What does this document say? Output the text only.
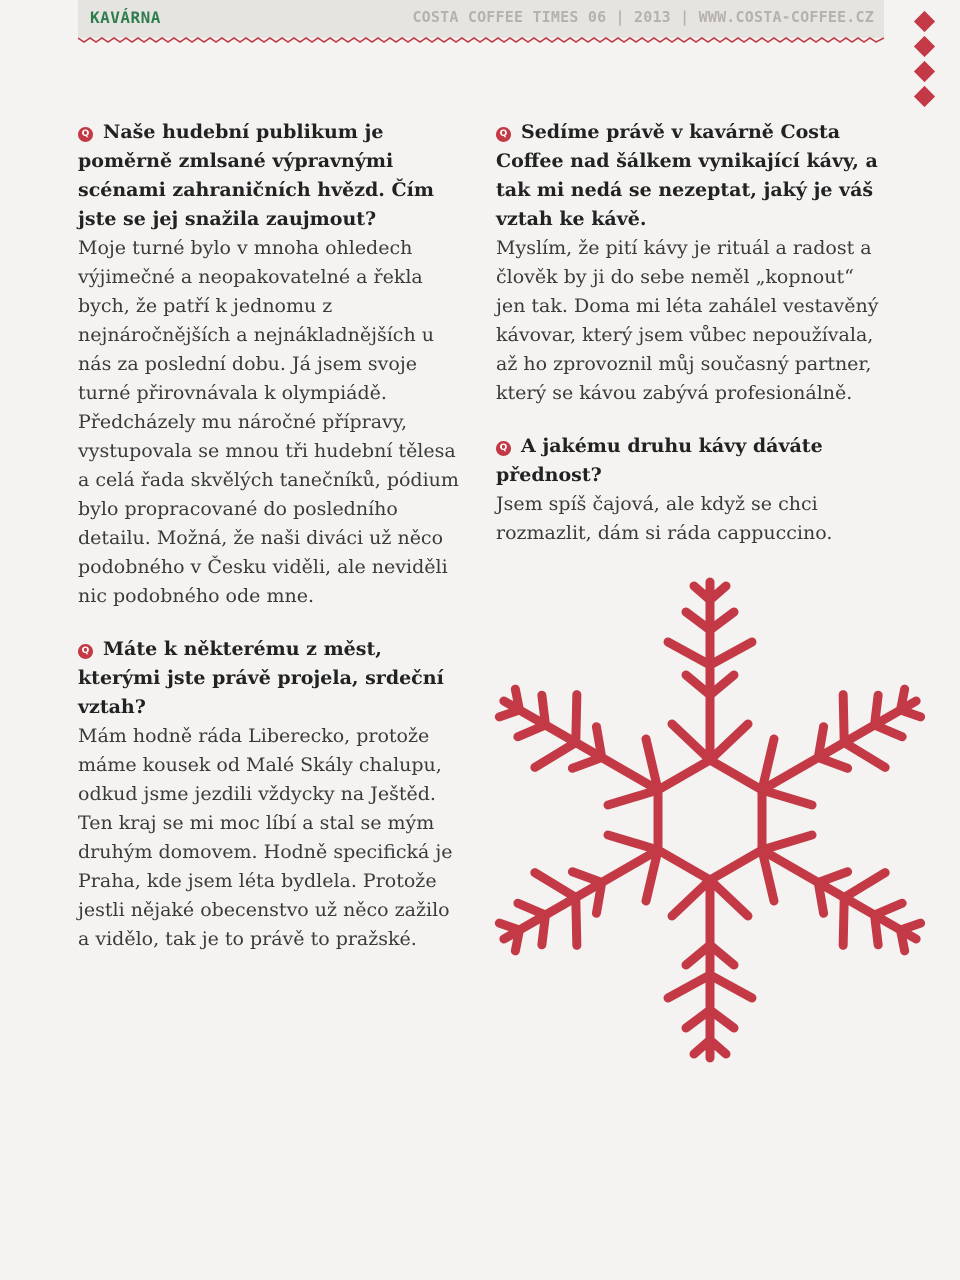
KAVÁRNA	COSTA COFFEE TIMES 06 | 2013 | WWW.COSTA-COFFEE.CZ

Q Naše hudební publikum je poměrně zmlsané výpravnými scénami zahraničních hvězd. Čím jste se jej snažila zaujmout?

Moje turné bylo v mnoha ohledech výjimečné a neopakovatelné a řekla bych, že patří k jednomu z nejnáročnějších a nejnákladnějších u nás za poslední dobu. Já jsem svoje turné přirovnávala k olympiádě. Předcházely mu náročné přípravy, vystupovala se mnou tři hudební tělesa a celá řada skvělých tanečníků, pódium bylo propracované do posledního detailu. Možná, že naši diváci už něco podobného v Česku viděli, ale neviděli nic podobného ode mne.

Q Máte k některému z měst, kterými jste právě projela, srdeční vztah?

Mám hodně ráda Liberecko, protože máme kousek od Malé Skály chalupu, odkud jsme jezdili vždycky na Ještěd. Ten kraj se mi moc líbí a stal se mým druhým domovem. Hodně specifická je Praha, kde jsem léta bydlela. Protože jestli nějaké obecenstvo už něco zažilo a vidělo, tak je to právě to pražské.

Q Sedíme právě v kavárně Costa Coffee nad šálkem vynikající kávy, a tak mi nedá se nezeptat, jaký je váš vztah ke kávě.

Myslím, že pití kávy je rituál a radost a člověk by ji do sebe neměl „kopnout“ jen tak. Doma mi léta zahálel vestavěný kávovar, který jsem vůbec nepoužívala, až ho zprovoznil můj současný partner, který se kávou zabývá profesionálně.

Q A jakému druhu kávy dáváte přednost?

Jsem spíš čajová, ale když se chci rozmazlit, dám si ráda cappuccino.
